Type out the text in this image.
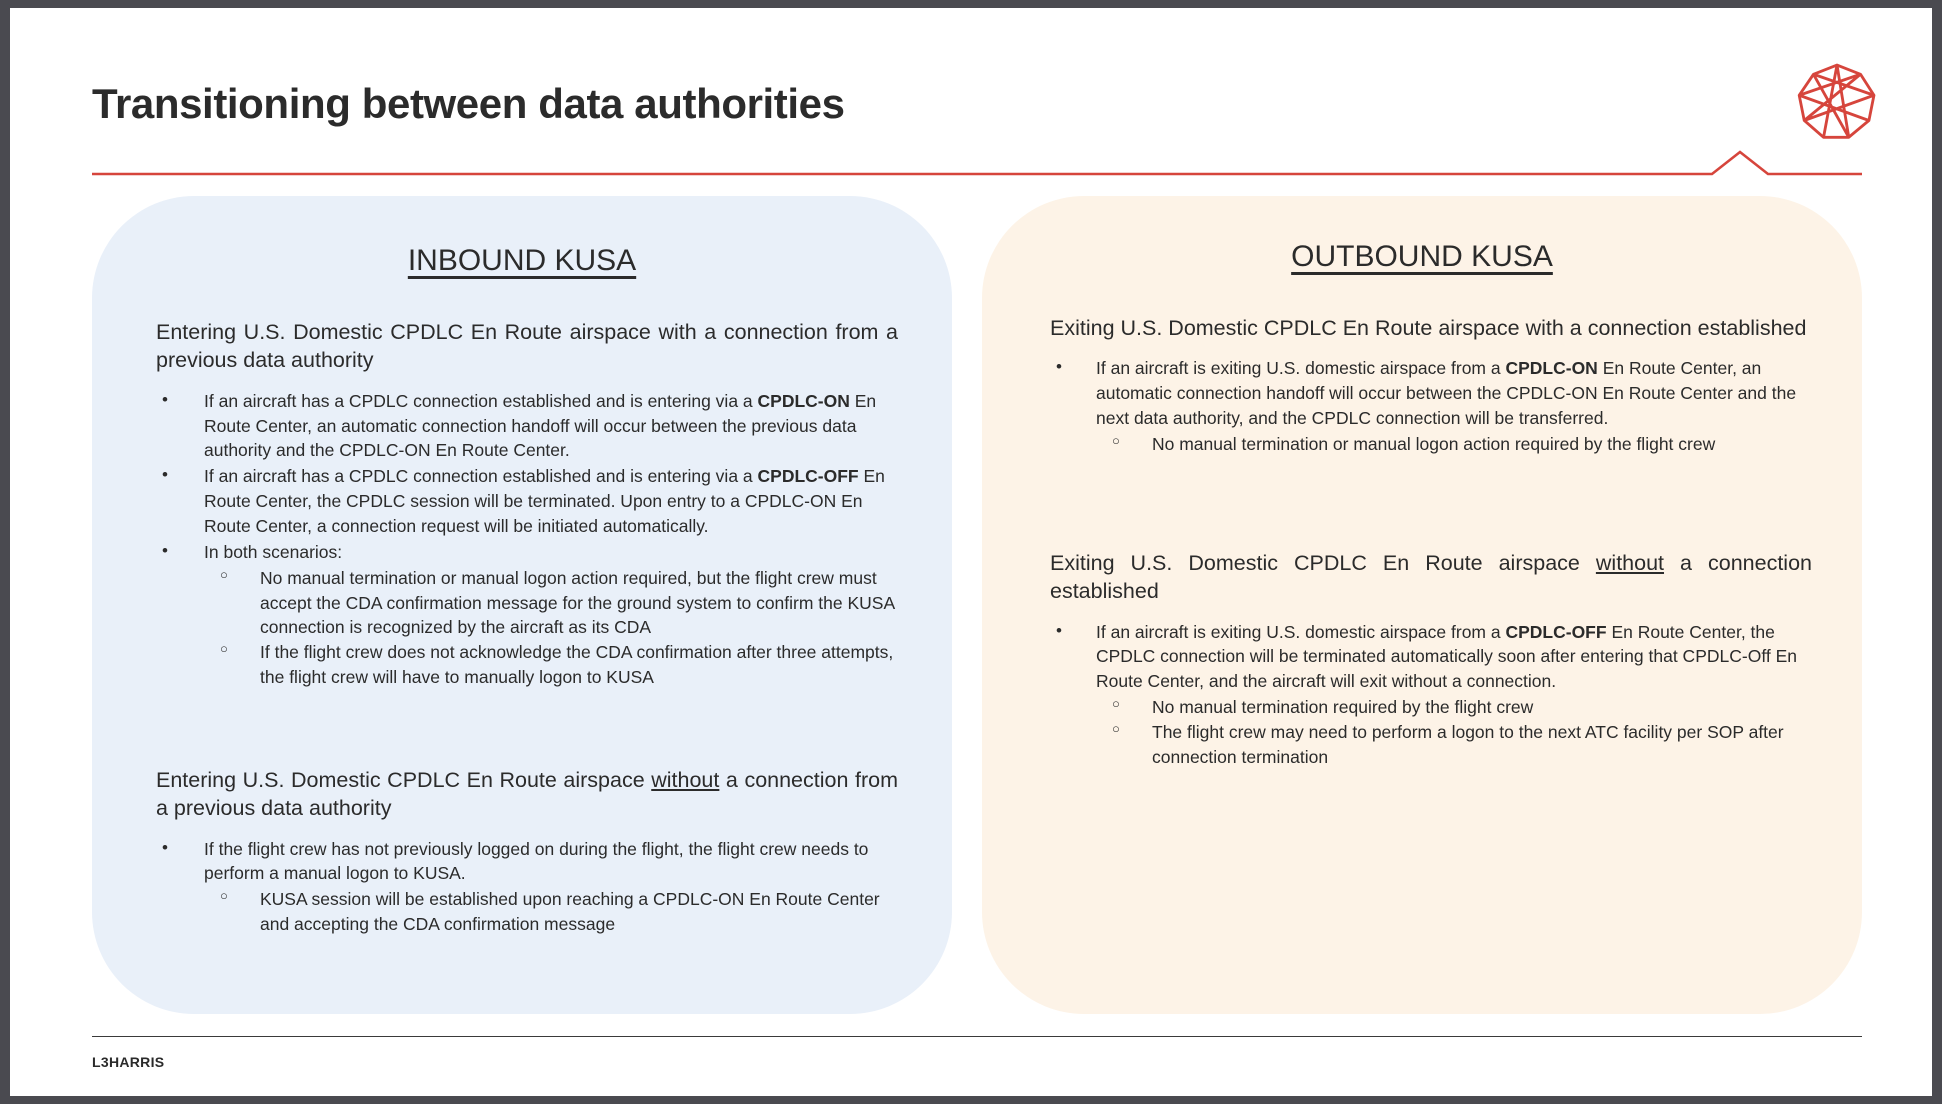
Transitioning between data authorities
INBOUND KUSA
Entering U.S. Domestic CPDLC En Route airspace with a connection from a previous data authority
• If an aircraft has a CPDLC connection established and is entering via a CPDLC-ON En Route Center, an automatic connection handoff will occur between the previous data authority and the CPDLC-ON En Route Center.
• If an aircraft has a CPDLC connection established and is entering via a CPDLC-OFF En Route Center, the CPDLC session will be terminated. Upon entry to a CPDLC-ON En Route Center, a connection request will be initiated automatically.
• In both scenarios:
○ No manual termination or manual logon action required, but the flight crew must accept the CDA confirmation message for the ground system to confirm the KUSA connection is recognized by the aircraft as its CDA
○ If the flight crew does not acknowledge the CDA confirmation after three attempts, the flight crew will have to manually logon to KUSA
Entering U.S. Domestic CPDLC En Route airspace without a connection from a previous data authority
• If the flight crew has not previously logged on during the flight, the flight crew needs to perform a manual logon to KUSA.
○ KUSA session will be established upon reaching a CPDLC-ON En Route Center and accepting the CDA confirmation message
OUTBOUND KUSA
Exiting U.S. Domestic CPDLC En Route airspace with a connection established
• If an aircraft is exiting U.S. domestic airspace from a CPDLC-ON En Route Center, an automatic connection handoff will occur between the CPDLC-ON En Route Center and the next data authority, and the CPDLC connection will be transferred.
○ No manual termination or manual logon action required by the flight crew
Exiting U.S. Domestic CPDLC En Route airspace without a connection established
• If an aircraft is exiting U.S. domestic airspace from a CPDLC-OFF En Route Center, the CPDLC connection will be terminated automatically soon after entering that CPDLC-Off En Route Center, and the aircraft will exit without a connection.
○ No manual termination required by the flight crew
○ The flight crew may need to perform a logon to the next ATC facility per SOP after connection termination
L3HARRIS
